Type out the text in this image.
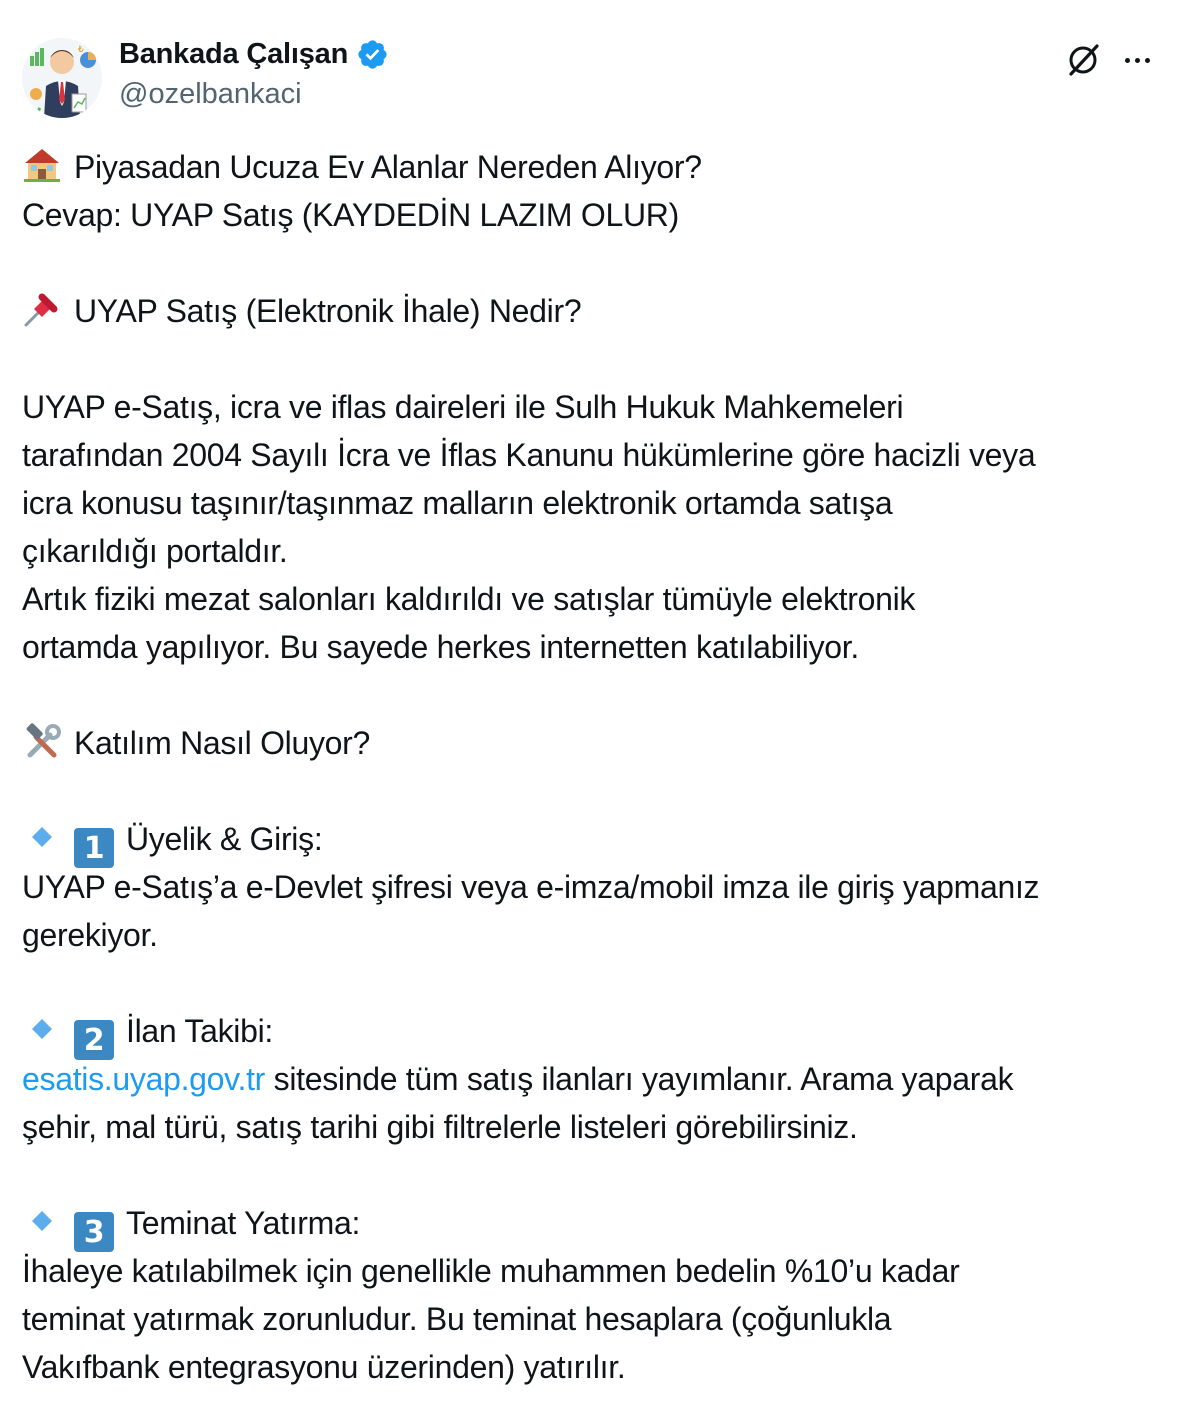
₺ Bankada Çalışan
@ozelbankaci
Piyasadan Ucuza Ev Alanlar Nereden Alıyor?
Cevap: UYAP Satış (KAYDEDİN LAZIM OLUR)
UYAP Satış (Elektronik İhale) Nedir?
UYAP e-Satış, icra ve iflas daireleri ile Sulh Hukuk Mahkemeleri
tarafından 2004 Sayılı İcra ve İflas Kanunu hükümlerine göre hacizli veya
icra konusu taşınır/taşınmaz malların elektronik ortamda satışa
çıkarıldığı portaldır.
Artık fiziki mezat salonları kaldırıldı ve satışlar tümüyle elektronik
ortamda yapılıyor. Bu sayede herkes internetten katılabiliyor.
Katılım Nasıl Oluyor?
1 Üyelik & Giriş:
UYAP e-Satış’a e-Devlet şifresi veya e-imza/mobil imza ile giriş yapmanız
gerekiyor.
2 İlan Takibi:
esatis.uyap.gov.tr sitesinde tüm satış ilanları yayımlanır. Arama yaparak
şehir, mal türü, satış tarihi gibi filtrelerle listeleri görebilirsiniz.
3 Teminat Yatırma:
İhaleye katılabilmek için genellikle muhammen bedelin %10’u kadar
teminat yatırmak zorunludur. Bu teminat hesaplara (çoğunlukla
Vakıfbank entegrasyonu üzerinden) yatırılır.
